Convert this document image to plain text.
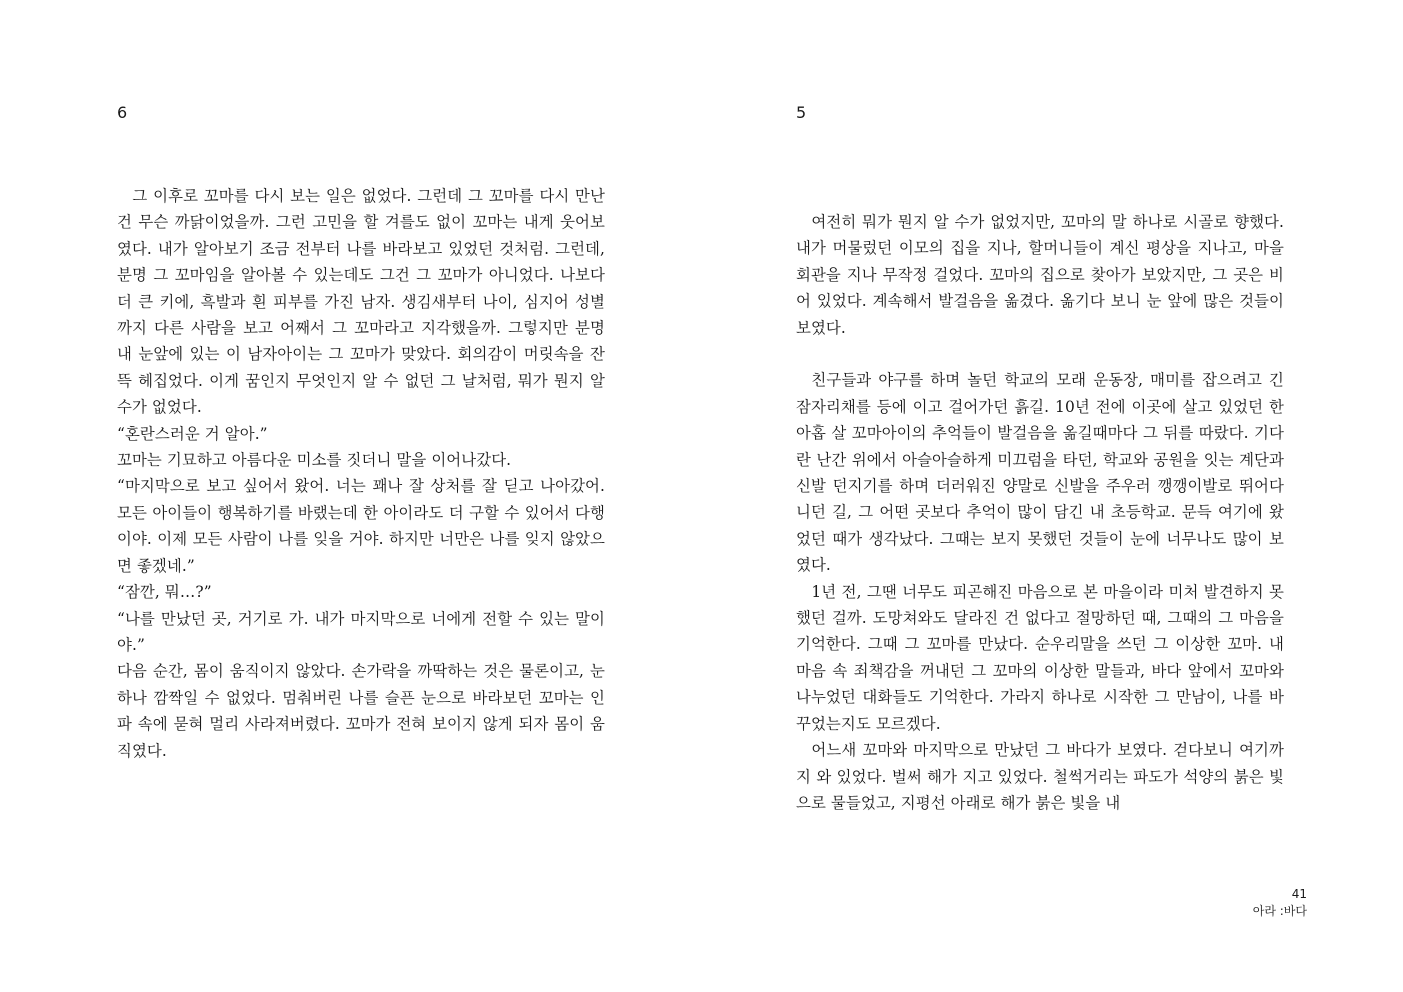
6

그 이후로 꼬마를 다시 보는 일은 없었다. 그런데 그 꼬마를 다시 만난 건 무슨 까닭이었을까. 그런 고민을 할 겨를도 없이 꼬마는 내게 웃어보였다. 내가 알아보기 조금 전부터 나를 바라보고 있었던 것처럼. 그런데, 분명 그 꼬마임을 알아볼 수 있는데도 그건 그 꼬마가 아니었다. 나보다 더 큰 키에, 흑발과 흰 피부를 가진 남자. 생김새부터 나이, 심지어 성별까지 다른 사람을 보고 어째서 그 꼬마라고 지각했을까. 그렇지만 분명 내 눈앞에 있는 이 남자아이는 그 꼬마가 맞았다. 회의감이 머릿속을 잔뜩 헤집었다. 이게 꿈인지 무엇인지 알 수 없던 그 날처럼, 뭐가 뭔지 알 수가 없었다.

“혼란스러운 거 알아.”

꼬마는 기묘하고 아름다운 미소를 짓더니 말을 이어나갔다.

“마지막으로 보고 싶어서 왔어. 너는 꽤나 잘 상처를 잘 딛고 나아갔어. 모든 아이들이 행복하기를 바랬는데 한 아이라도 더 구할 수 있어서 다행이야. 이제 모든 사람이 나를 잊을 거야. 하지만 너만은 나를 잊지 않았으면 좋겠네.”

“잠깐, 뭐…?”

“나를 만났던 곳, 거기로 가. 내가 마지막으로 너에게 전할 수 있는 말이야.”

다음 순간, 몸이 움직이지 않았다. 손가락을 까딱하는 것은 물론이고, 눈 하나 깜짝일 수 없었다. 멈춰버린 나를 슬픈 눈으로 바라보던 꼬마는 인파 속에 묻혀 멀리 사라져버렸다. 꼬마가 전혀 보이지 않게 되자 몸이 움직였다.

5

여전히 뭐가 뭔지 알 수가 없었지만, 꼬마의 말 하나로 시골로 향했다. 내가 머물렀던 이모의 집을 지나, 할머니들이 계신 평상을 지나고, 마을 회관을 지나 무작정 걸었다. 꼬마의 집으로 찾아가 보았지만, 그 곳은 비어 있었다. 계속해서 발걸음을 옮겼다. 옮기다 보니 눈 앞에 많은 것들이 보였다.

친구들과 야구를 하며 놀던 학교의 모래 운동장, 매미를 잡으려고 긴 잠자리채를 등에 이고 걸어가던 흙길. 10년 전에 이곳에 살고 있었던 한 아홉 살 꼬마아이의 추억들이 발걸음을 옮길때마다 그 뒤를 따랐다. 기다란 난간 위에서 아슬아슬하게 미끄럼을 타던, 학교와 공원을 잇는 계단과 신발 던지기를 하며 더러워진 양말로 신발을 주우러 깽깽이발로 뛰어다니던 길, 그 어떤 곳보다 추억이 많이 담긴 내 초등학교. 문득 여기에 왔었던 때가 생각났다. 그때는 보지 못했던 것들이 눈에 너무나도 많이 보였다.

1년 전, 그땐 너무도 피곤해진 마음으로 본 마을이라 미처 발견하지 못했던 걸까. 도망쳐와도 달라진 건 없다고 절망하던 때, 그때의 그 마음을 기억한다. 그때 그 꼬마를 만났다. 순우리말을 쓰던 그 이상한 꼬마. 내 마음 속 죄책감을 꺼내던 그 꼬마의 이상한 말들과, 바다 앞에서 꼬마와 나누었던 대화들도 기억한다. 가라지 하나로 시작한 그 만남이, 나를 바꾸었는지도 모르겠다.

어느새 꼬마와 마지막으로 만났던 그 바다가 보였다. 걷다보니 여기까지 와 있었다. 벌써 해가 지고 있었다. 철썩거리는 파도가 석양의 붉은 빛으로 물들었고, 지평선 아래로 해가 붉은 빛을 내

41
아라 :바다
